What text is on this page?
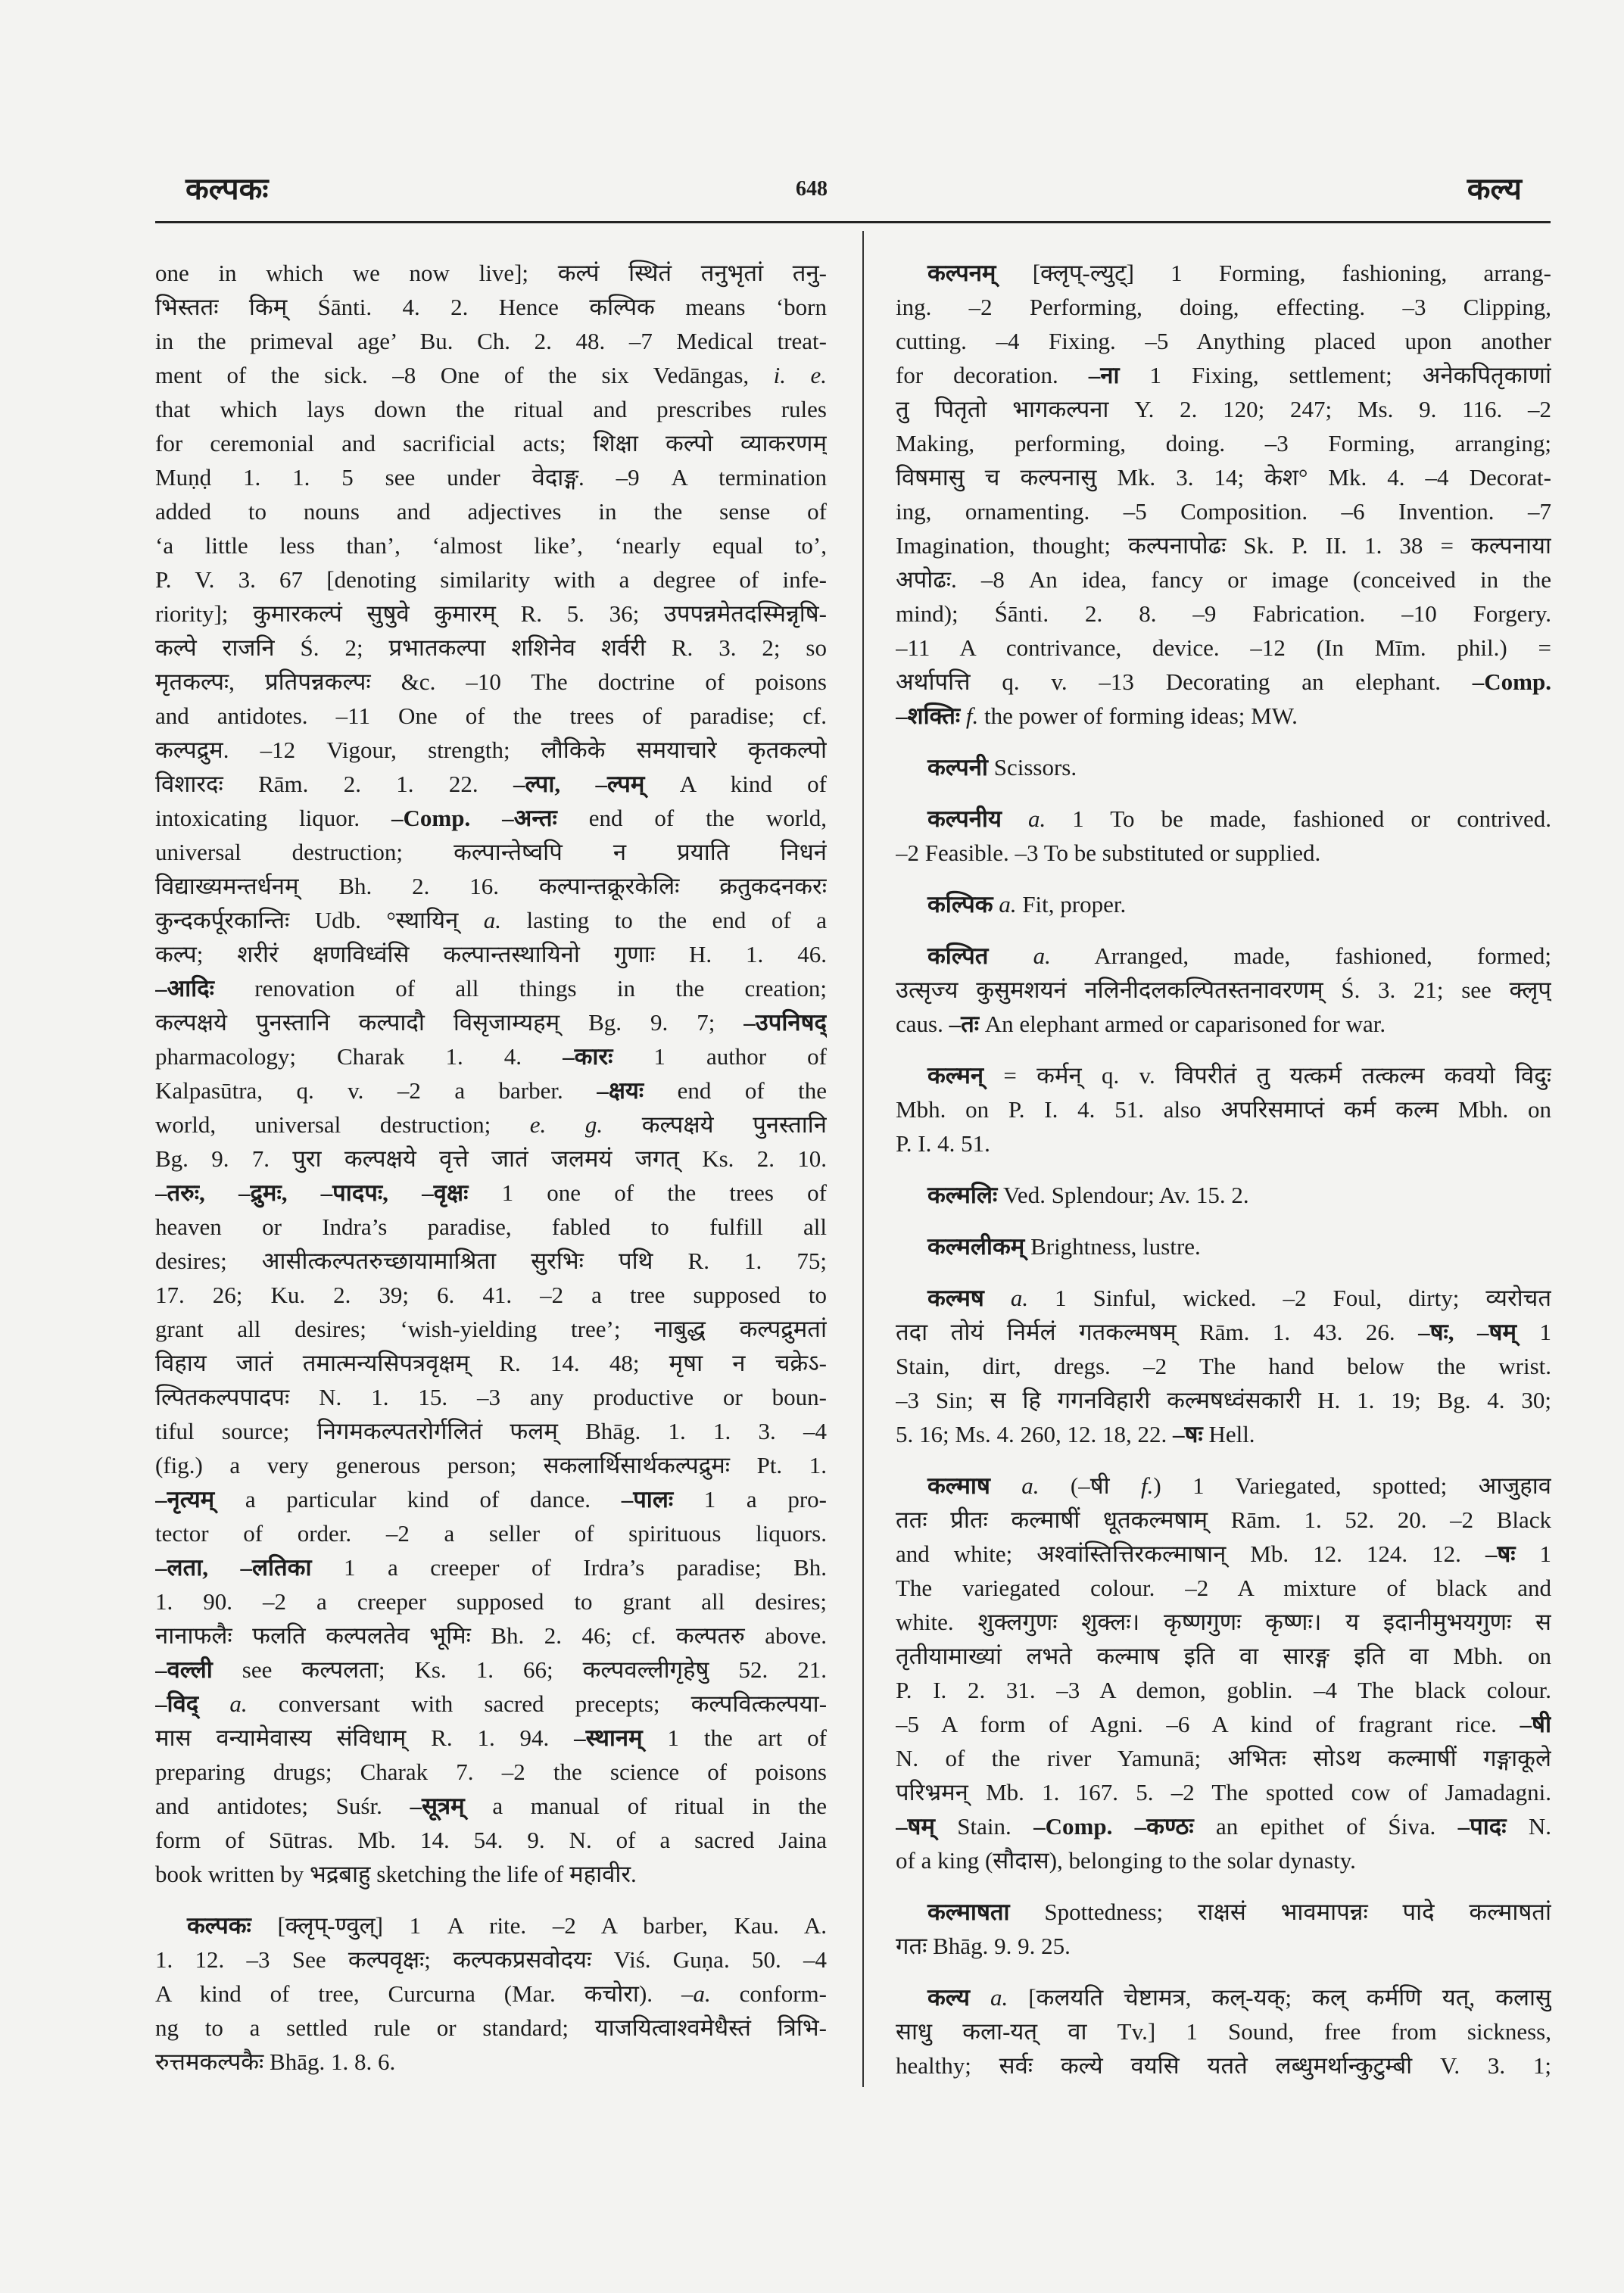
कल्पकः	648	कल्य
one in which we now live]; कल्पं स्थितं तनुभृतां तनु-
भिस्ततः किम् Śānti. 4. 2. Hence कल्पिक means ‘born
in the primeval age’ Bu. Ch. 2. 48. –7 Medical treat-
ment of the sick. –8 One of the six Vedāngas, i. e.
that which lays down the ritual and prescribes rules
for ceremonial and sacrificial acts; शिक्षा कल्पो व्याकरणम्
Muṇḍ 1. 1. 5 see under वेदाङ्ग. –9 A termination
added to nouns and adjectives in the sense of
‘a little less than’, ‘almost like’, ‘nearly equal to’,
P. V. 3. 67 [denoting similarity with a degree of infe-
riority]; कुमारकल्पं सुषुवे कुमारम् R. 5. 36; उपपन्नमेतदस्मिन्नृषि-
कल्पे राजनि Ś. 2; प्रभातकल्पा शशिनेव शर्वरी R. 3. 2; so
मृतकल्पः, प्रतिपन्नकल्पः &c. –10 The doctrine of poisons
and antidotes. –11 One of the trees of paradise; cf.
कल्पद्रुम. –12 Vigour, strength; लौकिके समयाचारे कृतकल्पो
विशारदः Rām. 2. 1. 22. –ल्पा, –ल्पम् A kind of
intoxicating liquor. –Comp. –अन्तः end of the world,
universal destruction; कल्पान्तेष्वपि न प्रयाति निधनं
विद्याख्यमन्तर्धनम् Bh. 2. 16. कल्पान्तक्रूरकेलिः क्रतुकदनकरः
कुन्दकर्पूरकान्तिः Udb. °स्थायिन् a. lasting to the end of a
कल्प; शरीरं क्षणविध्वंसि कल्पान्तस्थायिनो गुणाः H. 1. 46.
–आदिः renovation of all things in the creation;
कल्पक्षये पुनस्तानि कल्पादौ विसृजाम्यहम् Bg. 9. 7; –उपनिषद्
pharmacology; Charak 1. 4. –कारः 1 author of
Kalpasūtra, q. v. –2 a barber. –क्षयः end of the
world, universal destruction; e. g. कल्पक्षये पुनस्तानि
Bg. 9. 7. पुरा कल्पक्षये वृत्ते जातं जलमयं जगत् Ks. 2. 10.
–तरुः, –द्रुमः, –पादपः, –वृक्षः 1 one of the trees of
heaven or Indra’s paradise, fabled to fulfill all
desires; आसीत्कल्पतरुच्छायामाश्रिता सुरभिः पथि R. 1. 75;
17. 26; Ku. 2. 39; 6. 41. –2 a tree supposed to
grant all desires; ‘wish-yielding tree’; नाबुद्ध कल्पद्रुमतां
विहाय जातं तमात्मन्यसिपत्रवृक्षम् R. 14. 48; मृषा न चक्रेऽ-
ल्पितकल्पपादपः N. 1. 15. –3 any productive or boun-
tiful source; निगमकल्पतरोर्गलितं फलम् Bhāg. 1. 1. 3. –4
(fig.) a very generous person; सकलार्थिसार्थकल्पद्रुमः Pt. 1.
–नृत्यम् a particular kind of dance. –पालः 1 a pro-
tector of order. –2 a seller of spirituous liquors.
–लता, –लतिका 1 a creeper of Irdra’s paradise; Bh.
1. 90. –2 a creeper supposed to grant all desires;
नानाफलैः फलति कल्पलतेव भूमिः Bh. 2. 46; cf. कल्पतरु above.
–वल्ली see कल्पलता; Ks. 1. 66; कल्पवल्लीगृहेषु 52. 21.
–विद् a. conversant with sacred precepts; कल्पवित्कल्पया-
मास वन्यामेवास्य संविधाम् R. 1. 94. –स्थानम् 1 the art of
preparing drugs; Charak 7. –2 the science of poisons
and antidotes; Suśr. –सूत्रम् a manual of ritual in the
form of Sūtras. Mb. 14. 54. 9. N. of a sacred Jaina
book written by भद्रबाहु sketching the life of महावीर.
कल्पकः [क्लृप्-ण्वुल्] 1 A rite. –2 A barber, Kau. A.
1. 12. –3 See कल्पवृक्षः; कल्पकप्रसवोदयः Viś. Guṇa. 50. –4
A kind of tree, Curcurna (Mar. कचोरा). –a. conform-
ng to a settled rule or standard; याजयित्वाश्वमेधैस्तं त्रिभि-
रुत्तमकल्पकैः Bhāg. 1. 8. 6.
कल्पनम् [क्लृप्-ल्युट्] 1 Forming, fashioning, arrang-
ing. –2 Performing, doing, effecting. –3 Clipping,
cutting. –4 Fixing. –5 Anything placed upon another
for decoration. –ना 1 Fixing, settlement; अनेकपितृकाणां
तु पितृतो भागकल्पना Y. 2. 120; 247; Ms. 9. 116. –2
Making, performing, doing. –3 Forming, arranging;
विषमासु च कल्पनासु Mk. 3. 14; केश° Mk. 4. –4 Decorat-
ing, ornamenting. –5 Composition. –6 Invention. –7
Imagination, thought; कल्पनापोढः Sk. P. II. 1. 38 = कल्पनाया
अपोढः. –8 An idea, fancy or image (conceived in the
mind); Śānti. 2. 8. –9 Fabrication. –10 Forgery.
–11 A contrivance, device. –12 (In Mīm. phil.) =
अर्थापत्ति q. v. –13 Decorating an elephant. –Comp.
–शक्तिः f. the power of forming ideas; MW.
कल्पनी Scissors.
कल्पनीय a. 1 To be made, fashioned or contrived.
–2 Feasible. –3 To be substituted or supplied.
कल्पिक a. Fit, proper.
कल्पित a. Arranged, made, fashioned, formed;
उत्सृज्य कुसुमशयनं नलिनीदलकल्पितस्तनावरणम् Ś. 3. 21; see क्लृप्
caus. –तः An elephant armed or caparisoned for war.
कल्मन् = कर्मन् q. v. विपरीतं तु यत्कर्म तत्कल्म कवयो विदुः
Mbh. on P. I. 4. 51. also अपरिसमाप्तं कर्म कल्म Mbh. on
P. I. 4. 51.
कल्मलिः Ved. Splendour; Av. 15. 2.
कल्मलीकम् Brightness, lustre.
कल्मष a. 1 Sinful, wicked. –2 Foul, dirty; व्यरोचत
तदा तोयं निर्मलं गतकल्मषम् Rām. 1. 43. 26. –षः, –षम् 1
Stain, dirt, dregs. –2 The hand below the wrist.
–3 Sin; स हि गगनविहारी कल्मषध्वंसकारी H. 1. 19; Bg. 4. 30;
5. 16; Ms. 4. 260, 12. 18, 22. –षः Hell.
कल्माष a. (–षी f.) 1 Variegated, spotted; आजुहाव
ततः प्रीतः कल्माषीं धूतकल्मषाम् Rām. 1. 52. 20. –2 Black
and white; अश्वांस्तित्तिरकल्माषान् Mb. 12. 124. 12. –षः 1
The variegated colour. –2 A mixture of black and
white. शुक्लगुणः शुक्लः। कृष्णगुणः कृष्णः। य इदानीमुभयगुणः स
तृतीयामाख्यां लभते कल्माष इति वा सारङ्ग इति वा Mbh. on
P. I. 2. 31. –3 A demon, goblin. –4 The black colour.
–5 A form of Agni. –6 A kind of fragrant rice. –षी
N. of the river Yamunā; अभितः सोऽथ कल्माषीं गङ्गाकूले
परिभ्रमन् Mb. 1. 167. 5. –2 The spotted cow of Jamadagni.
–षम् Stain. –Comp. –कण्ठः an epithet of Śiva. –पादः N.
of a king (सौदास), belonging to the solar dynasty.
कल्माषता Spottedness; राक्षसं भावमापन्नः पादे कल्माषतां
गतः Bhāg. 9. 9. 25.
कल्य a. [कलयति चेष्टामत्र, कल्-यक्; कल् कर्मणि यत्, कलासु
साधु कला-यत् वा Tv.] 1 Sound, free from sickness,
healthy; सर्वः कल्ये वयसि यतते लब्धुमर्थान्कुटुम्बी V. 3. 1;
